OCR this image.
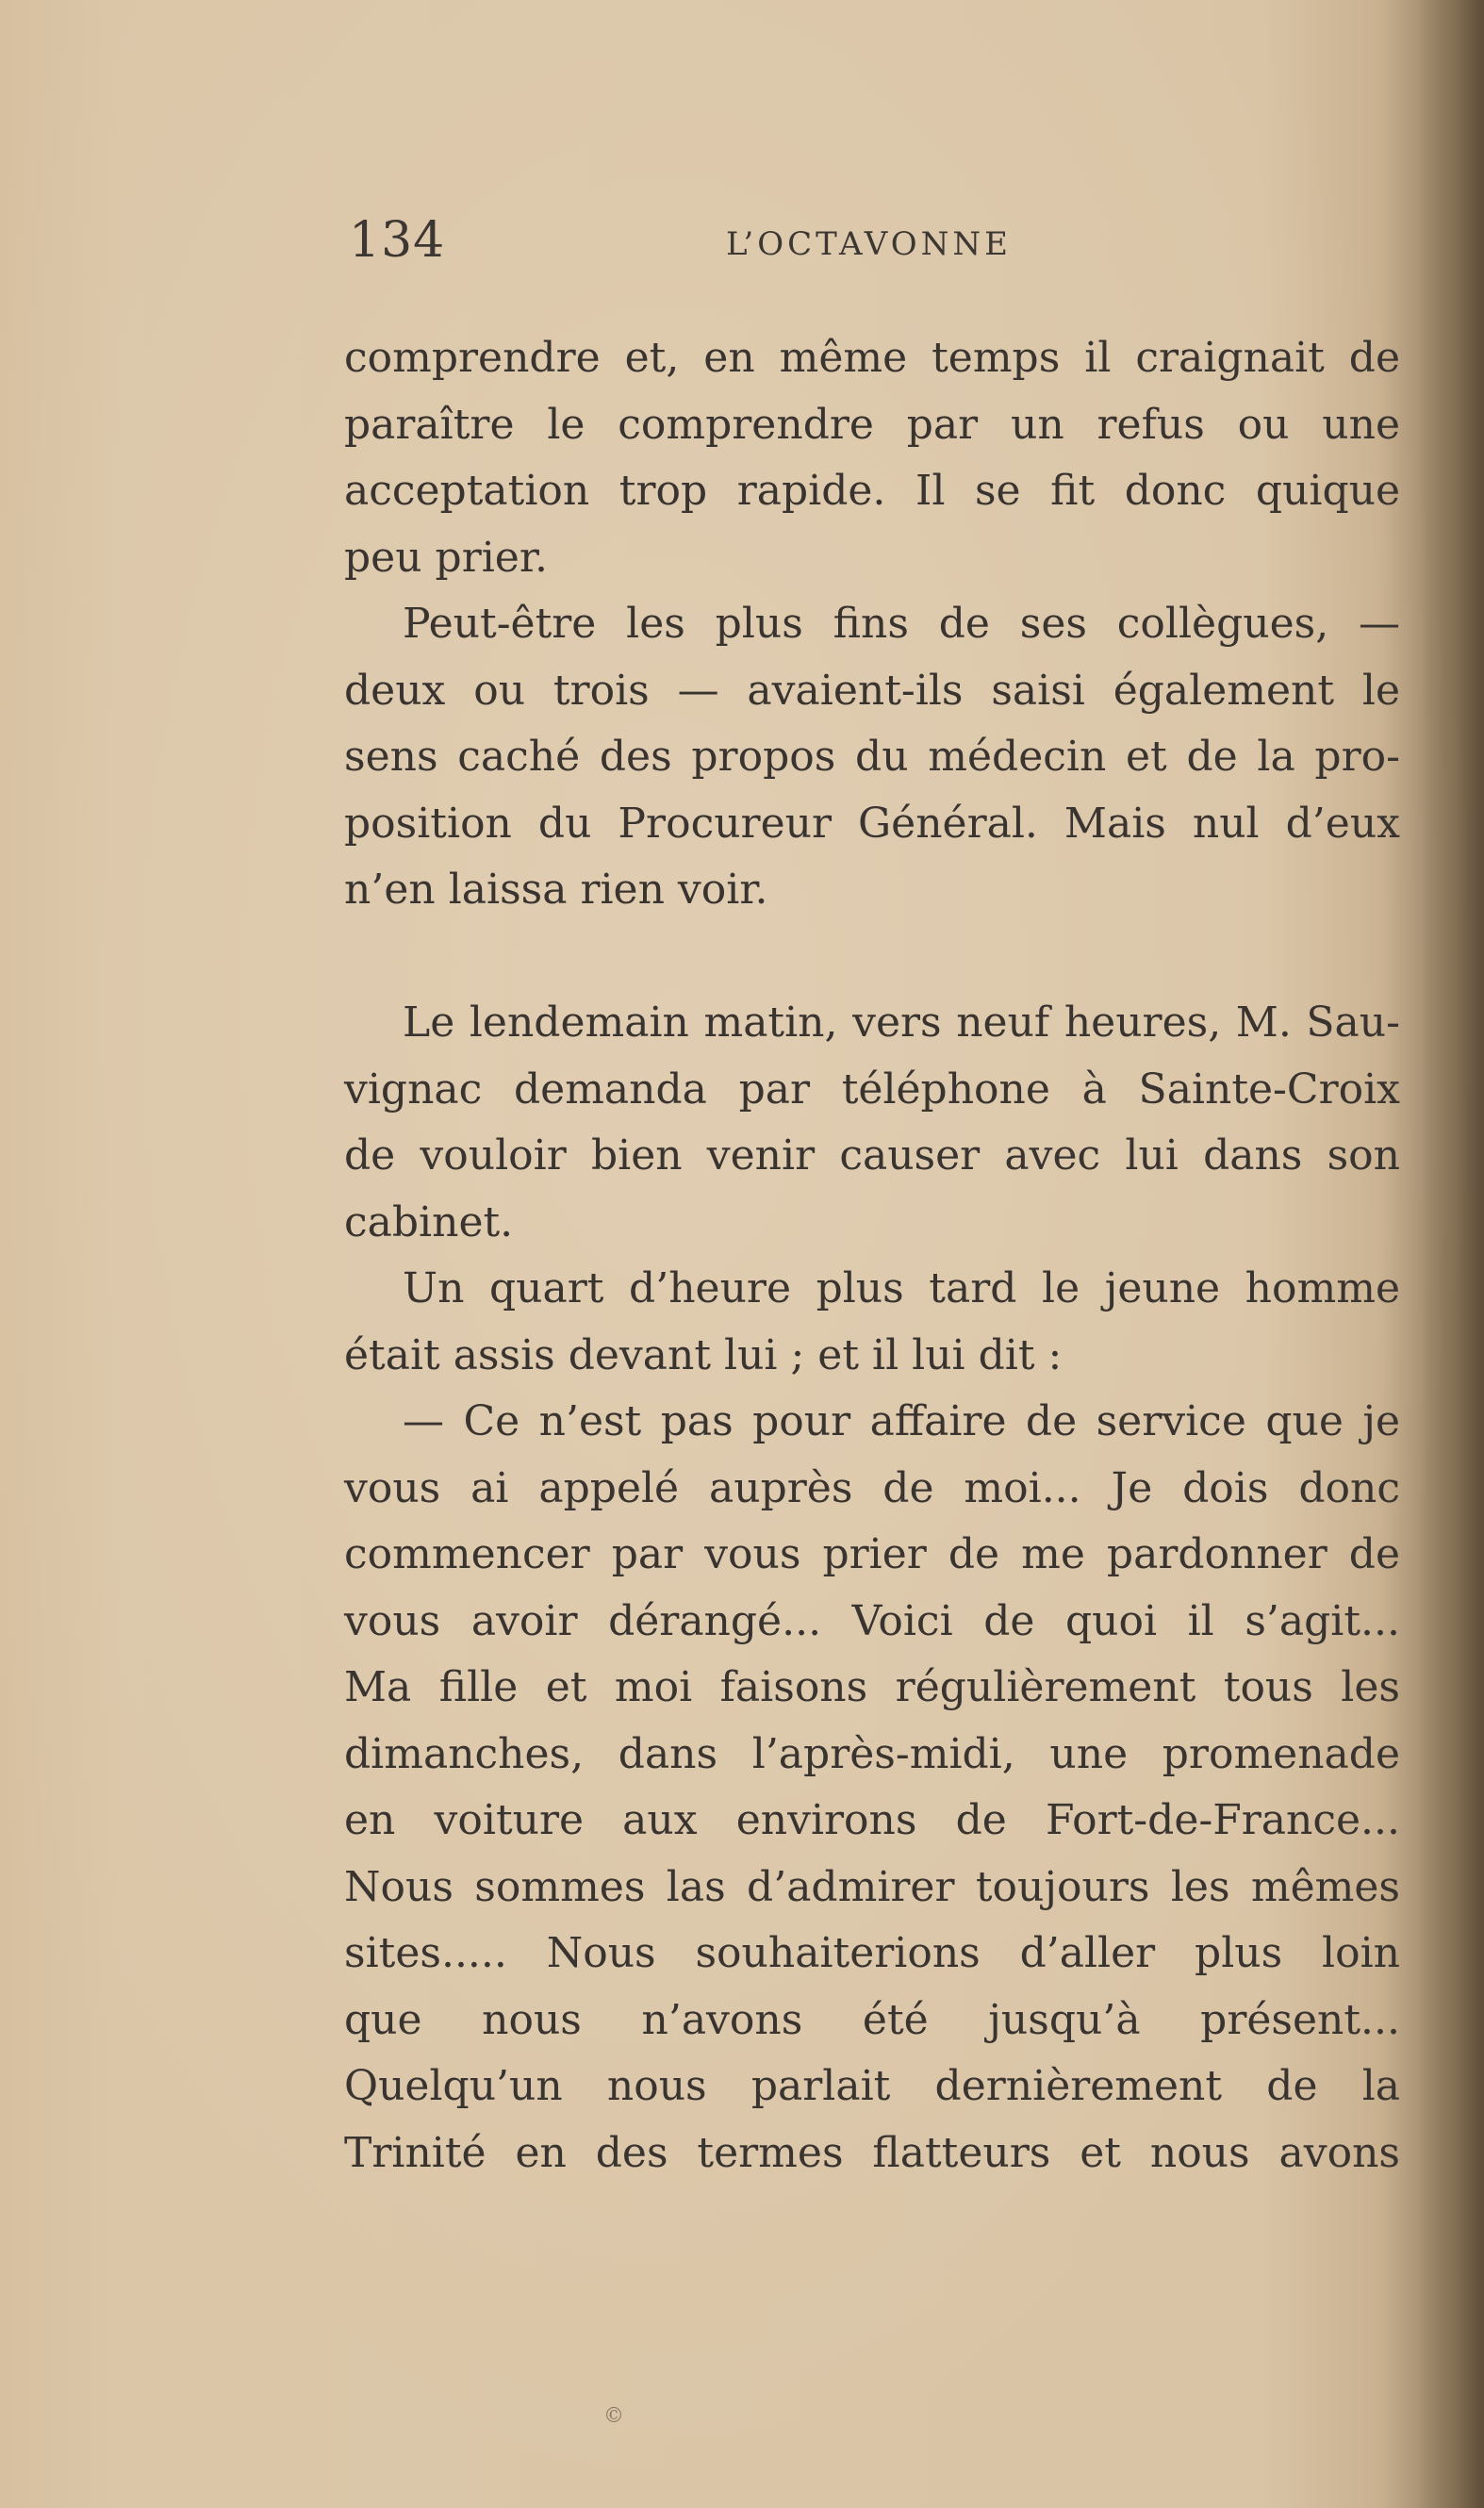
134	L’OCTAVONNE
comprendre et, en même temps il craignait de
paraître le comprendre par un refus ou une
acceptation trop rapide. Il se fit donc quique
peu prier.
Peut-être les plus fins de ses collègues, —
deux ou trois — avaient-ils saisi également le
sens caché des propos du médecin et de la pro-
position du Procureur Général. Mais nul d’eux
n’en laissa rien voir.
Le lendemain matin, vers neuf heures, M. Sau-
vignac demanda par téléphone à Sainte-Croix
de vouloir bien venir causer avec lui dans son
cabinet.
Un quart d’heure plus tard le jeune homme
était assis devant lui ; et il lui dit :
— Ce n’est pas pour affaire de service que je
vous ai appelé auprès de moi... Je dois donc
commencer par vous prier de me pardonner de
vous avoir dérangé... Voici de quoi il s’agit...
Ma fille et moi faisons régulièrement tous les
dimanches, dans l’après-midi, une promenade
en voiture aux environs de Fort-de-France...
Nous sommes las d’admirer toujours les mêmes
sites..... Nous souhaiterions d’aller plus loin
que nous n’avons été jusqu’à présent...
Quelqu’un nous parlait dernièrement de la
Trinité en des termes flatteurs et nous avons
©
